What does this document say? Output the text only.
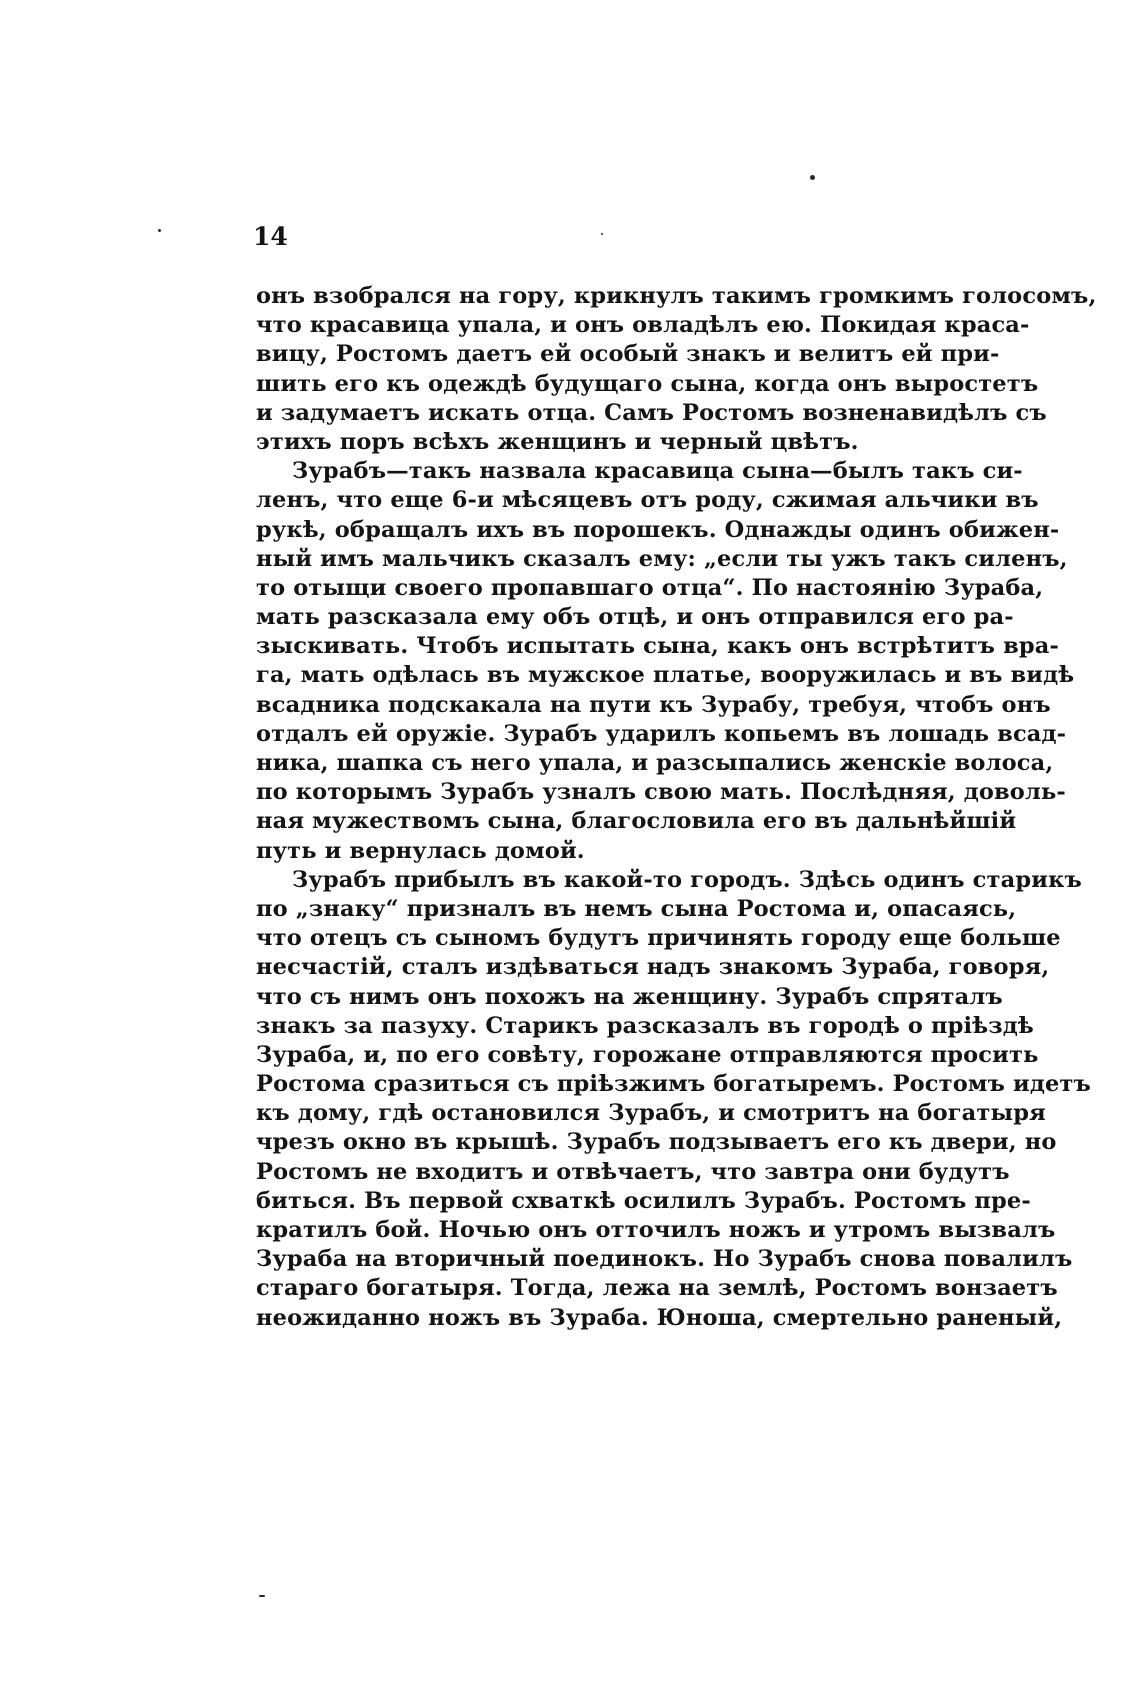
14
онъ взобрался на гору, крикнулъ такимъ громкимъ голосомъ,
что красавица упала, и онъ овладѣлъ ею. Покидая краса-
вицу, Ростомъ даетъ ей особый знакъ и велитъ ей при-
шить его къ одеждѣ будущаго сына, когда онъ выростетъ
и задумаетъ искать отца. Самъ Ростомъ возненавидѣлъ съ
этихъ поръ всѣхъ женщинъ и черный цвѣтъ.
Зурабъ—такъ назвала красавица сына—былъ такъ си-
ленъ, что еще 6-и мѣсяцевъ отъ роду, сжимая альчики въ
рукѣ, обращалъ ихъ въ порошекъ. Однажды одинъ обижен-
ный имъ мальчикъ сказалъ ему: „если ты ужъ такъ силенъ,
то отыщи своего пропавшаго отца“. По настоянію Зураба,
мать разсказала ему объ отцѣ, и онъ отправился его ра-
зыскивать. Чтобъ испытать сына, какъ онъ встрѣтитъ вра-
га, мать одѣлась въ мужское платье, вооружилась и въ видѣ
всадника подскакала на пути къ Зурабу, требуя, чтобъ онъ
отдалъ ей оружіе. Зурабъ ударилъ копьемъ въ лошадь всад-
ника, шапка съ него упала, и разсыпались женскіе волоса,
по которымъ Зурабъ узналъ свою мать. Послѣдняя, доволь-
ная мужествомъ сына, благословила его въ дальнѣйшій
путь и вернулась домой.
Зурабъ прибылъ въ какой-то городъ. Здѣсь одинъ старикъ
по „знаку“ призналъ въ немъ сына Ростома и, опасаясь,
что отецъ съ сыномъ будутъ причинять городу еще больше
несчастій, сталъ издѣваться надъ знакомъ Зураба, говоря,
что съ нимъ онъ похожъ на женщину. Зурабъ спряталъ
знакъ за пазуху. Старикъ разсказалъ въ городѣ о пріѣздѣ
Зураба, и, по его совѣту, горожане отправляются просить
Ростома сразиться съ пріѣзжимъ богатыремъ. Ростомъ идетъ
къ дому, гдѣ остановился Зурабъ, и смотритъ на богатыря
чрезъ окно въ крышѣ. Зурабъ подзываетъ его къ двери, но
Ростомъ не входитъ и отвѣчаетъ, что завтра они будутъ
биться. Въ первой схваткѣ осилилъ Зурабъ. Ростомъ пре-
кратилъ бой. Ночью онъ отточилъ ножъ и утромъ вызвалъ
Зураба на вторичный поединокъ. Но Зурабъ снова повалилъ
стараго богатыря. Тогда, лежа на землѣ, Ростомъ вонзаетъ
неожиданно ножъ въ Зураба. Юноша, смертельно раненый,
